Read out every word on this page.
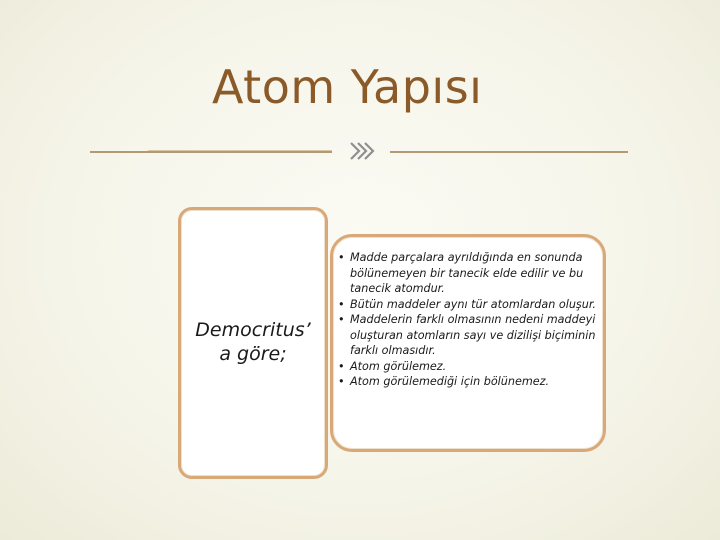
Atom Yapısı
Democritus’
a göre;
• Madde parçalara ayrıldığında en sonunda bölünemeyen bir tanecik elde edilir ve bu tanecik atomdur.
• Bütün maddeler aynı tür atomlardan oluşur.
• Maddelerin farklı olmasının nedeni maddeyi oluşturan atomların sayı ve dizilişi biçiminin farklı olmasıdır.
• Atom görülemez.
• Atom görülemediği için bölünemez.
